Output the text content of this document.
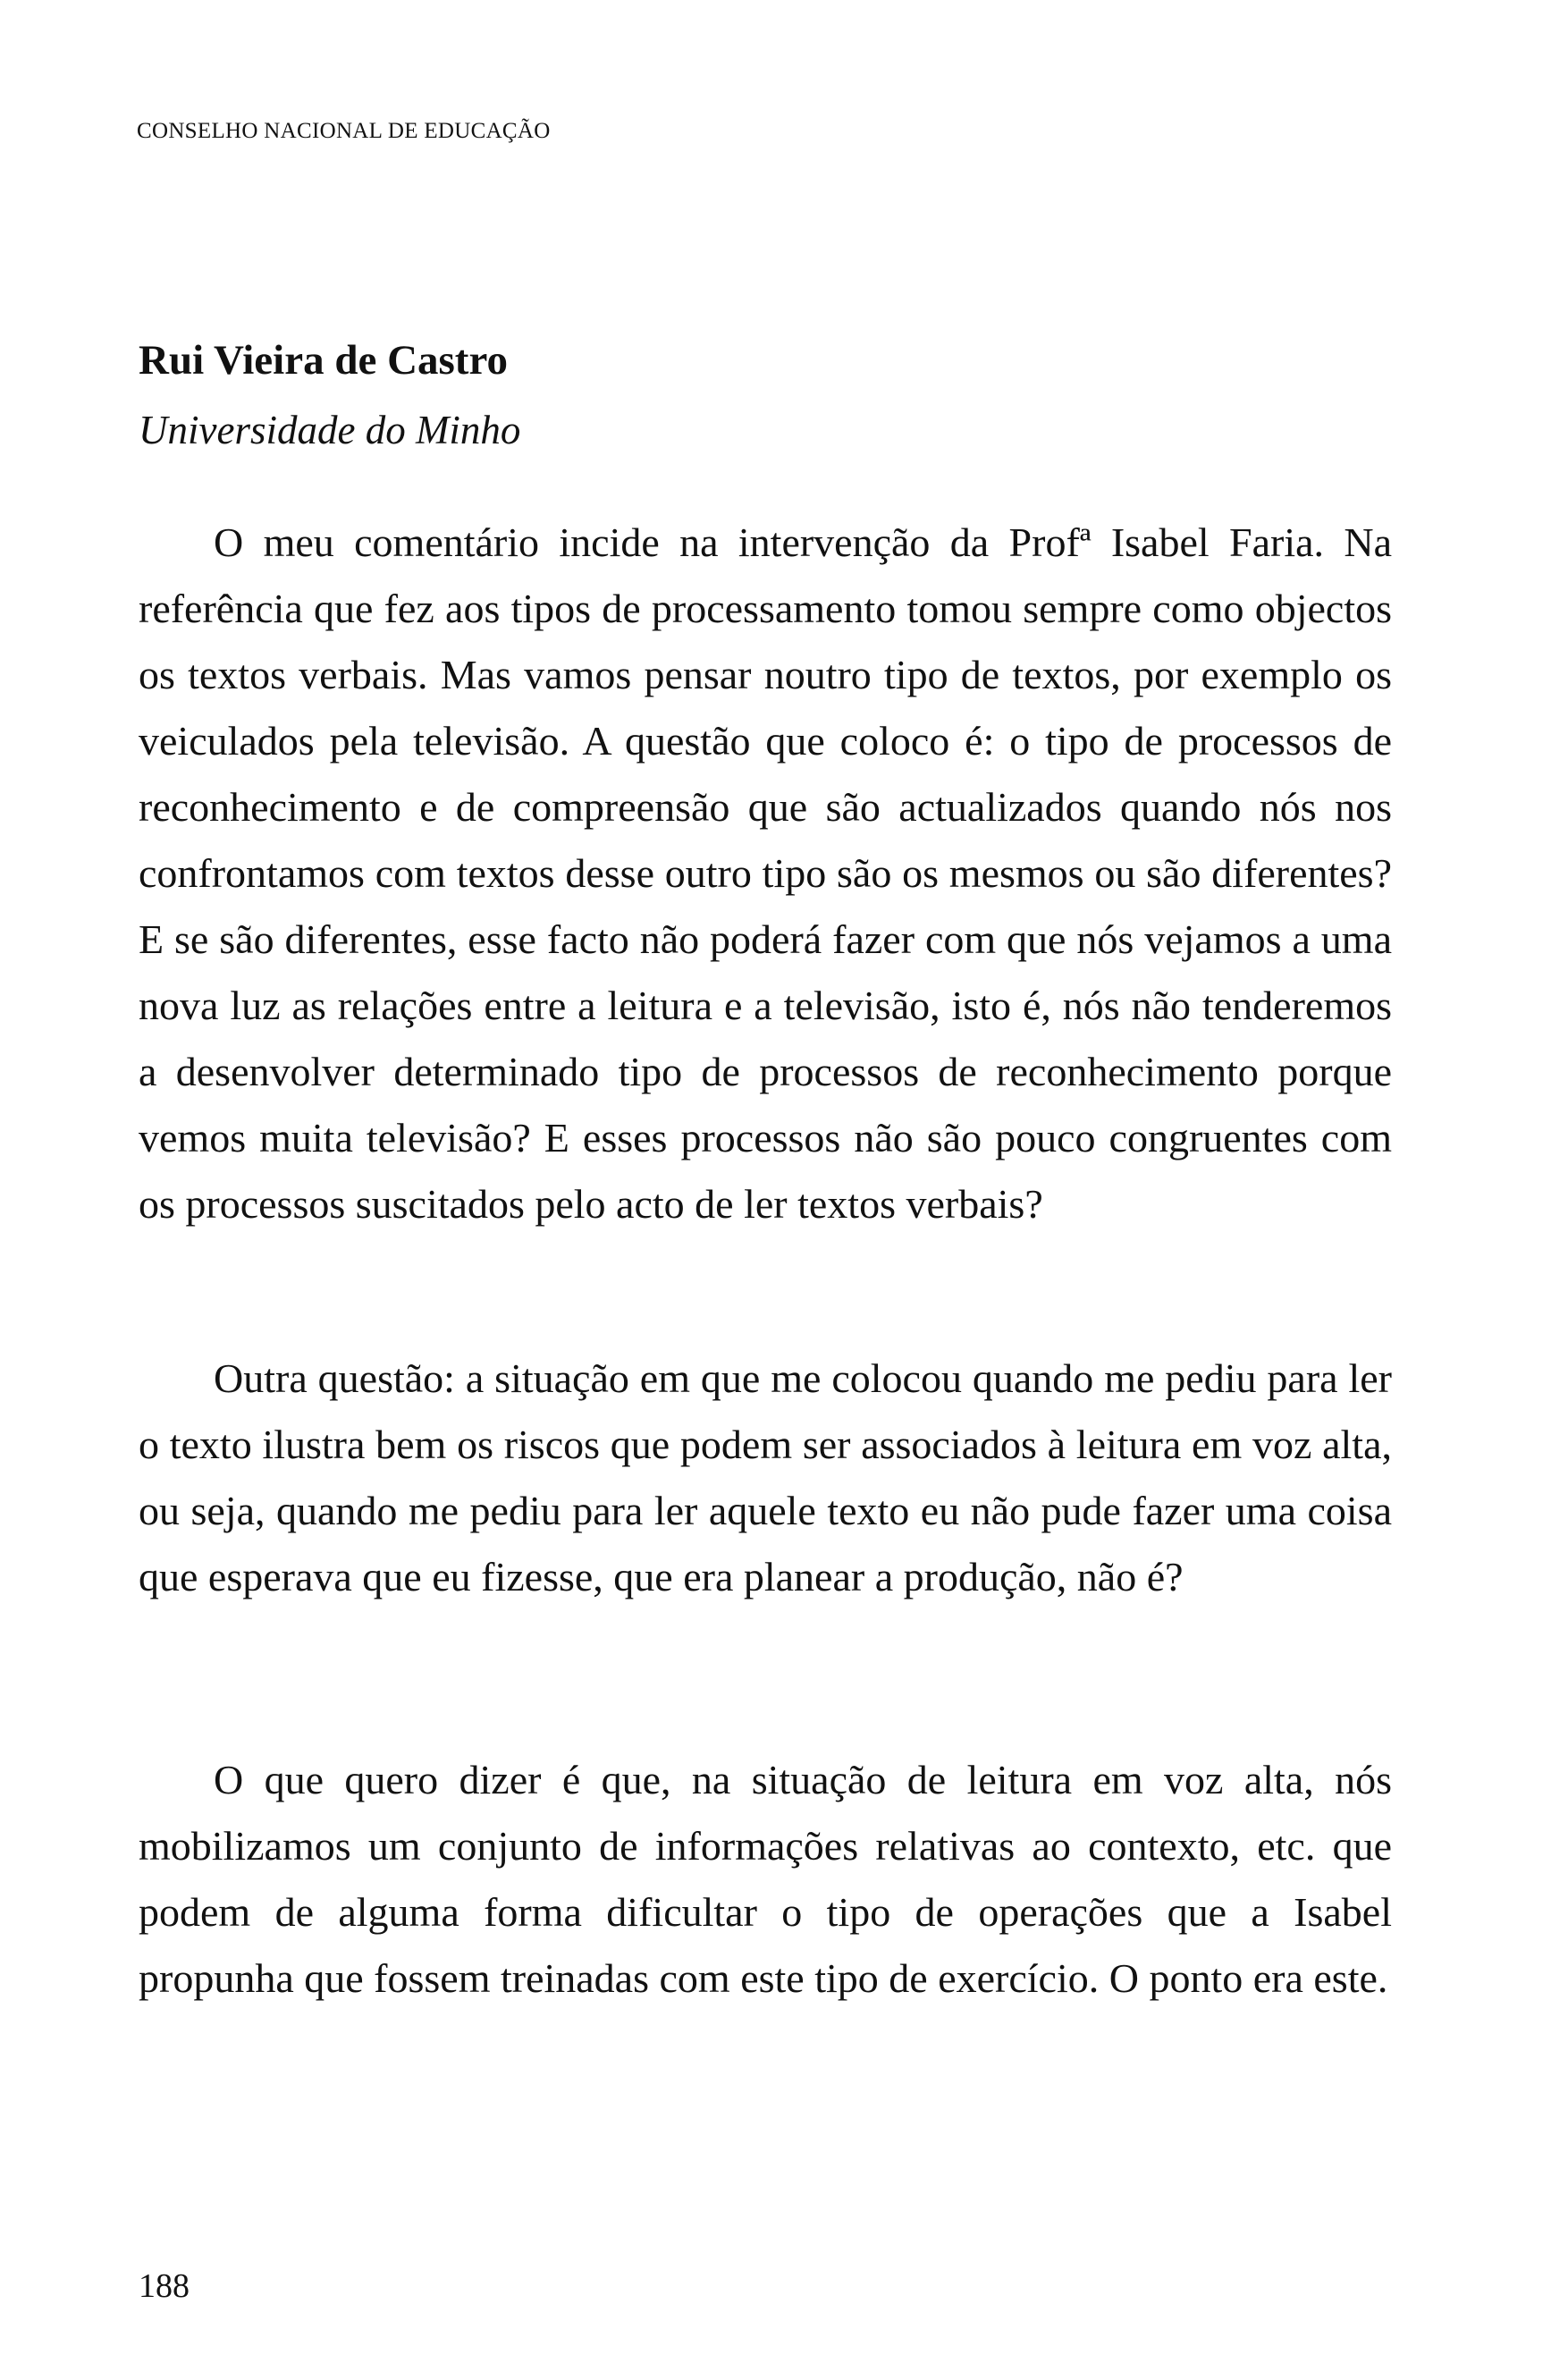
CONSELHO NACIONAL DE EDUCAÇÃO
Rui Vieira de Castro
Universidade do Minho

O meu comentário incide na intervenção da Profª Isabel Faria. Na referência que fez aos tipos de processamento tomou sempre como objectos os textos verbais. Mas vamos pensar noutro tipo de textos, por exemplo os veiculados pela televisão. A questão que coloco é: o tipo de processos de reconhecimento e de compreensão que são actualizados quando nós nos confrontamos com textos desse outro tipo são os mesmos ou são diferentes? E se são diferentes, esse facto não poderá fazer com que nós vejamos a uma nova luz as relações entre a leitura e a televisão, isto é, nós não tenderemos a desenvolver determinado tipo de processos de reconhecimento porque vemos muita televisão? E esses processos não são pouco congruentes com os processos suscitados pelo acto de ler textos verbais?

Outra questão: a situação em que me colocou quando me pediu para ler o texto ilustra bem os riscos que podem ser associados à leitura em voz alta, ou seja, quando me pediu para ler aquele texto eu não pude fazer uma coisa que esperava que eu fizesse, que era planear a produção, não é?

O que quero dizer é que, na situação de leitura em voz alta, nós mobilizamos um conjunto de informações relativas ao contexto, etc. que podem de alguma forma dificultar o tipo de operações que a Isabel propunha que fossem treinadas com este tipo de exercício. O ponto era este.

188
